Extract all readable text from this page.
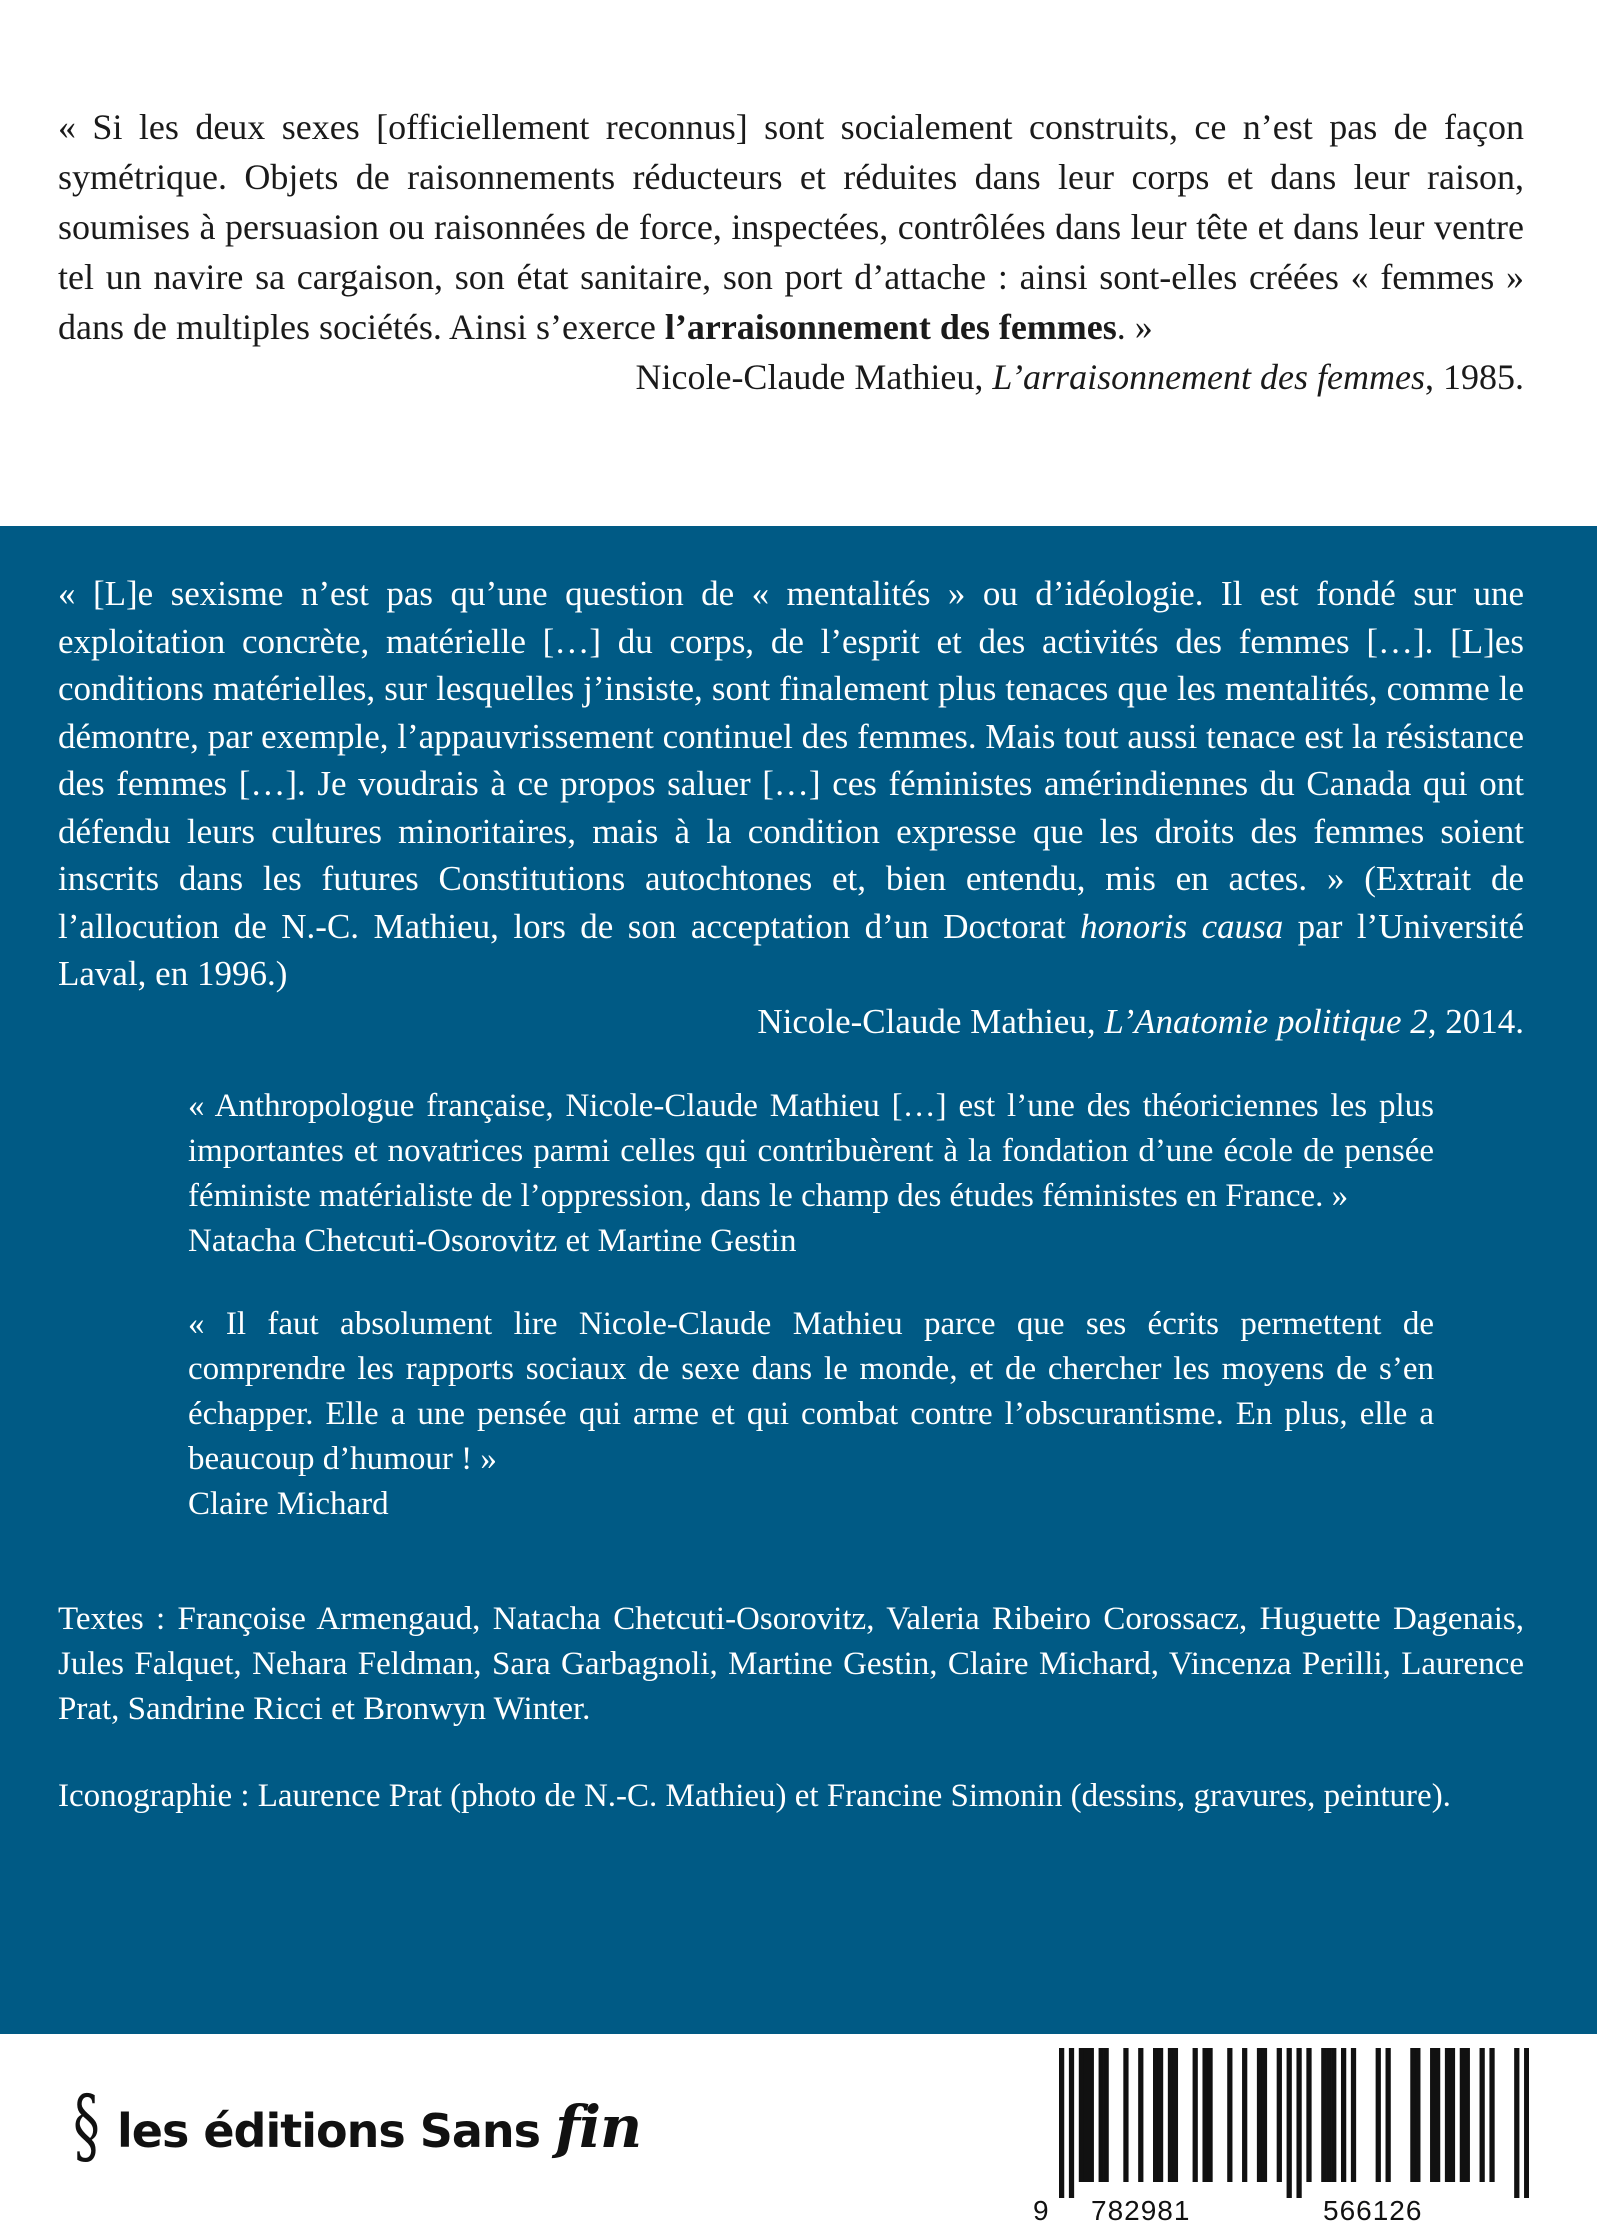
« Si les deux sexes [officiellement reconnus] sont socialement construits, ce n’est pas de façon symétrique. Objets de raisonnements réducteurs et réduites dans leur corps et dans leur raison, soumises à persuasion ou raisonnées de force, inspectées, contrôlées dans leur tête et dans leur ventre tel un navire sa cargaison, son état sanitaire, son port d’attache : ainsi sont-elles créées « femmes » dans de multiples sociétés. Ainsi s’exerce l’arraisonnement des femmes. »

Nicole-Claude Mathieu, L’arraisonnement des femmes, 1985.

« [L]e sexisme n’est pas qu’une question de « mentalités » ou d’idéologie. Il est fondé sur une exploitation concrète, matérielle […] du corps, de l’esprit et des activités des femmes […]. [L]es conditions matérielles, sur lesquelles j’insiste, sont finalement plus tenaces que les mentalités, comme le démontre, par exemple, l’appauvrissement continuel des femmes. Mais tout aussi tenace est la résistance des femmes […]. Je voudrais à ce propos saluer […] ces féministes amérindiennes du Canada qui ont défendu leurs cultures minoritaires, mais à la condition expresse que les droits des femmes soient inscrits dans les futures Constitutions autochtones et, bien entendu, mis en actes. » (Extrait de l’allocution de N.-C. Mathieu, lors de son acceptation d’un Doctorat honoris causa par l’Université Laval, en 1996.)

Nicole-Claude Mathieu, L’Anatomie politique 2, 2014.

« Anthropologue française, Nicole-Claude Mathieu […] est l’une des théoriciennes les plus importantes et novatrices parmi celles qui contribuèrent à la fondation d’une école de pensée féministe matérialiste de l’oppression, dans le champ des études féministes en France. »

Natacha Chetcuti-Osorovitz et Martine Gestin

« Il faut absolument lire Nicole-Claude Mathieu parce que ses écrits permettent de comprendre les rapports sociaux de sexe dans le monde, et de chercher les moyens de s’en échapper. Elle a une pensée qui arme et qui combat contre l’obscurantisme. En plus, elle a beaucoup d’humour ! »

Claire Michard

Textes : Françoise Armengaud, Natacha Chetcuti-Osorovitz, Valeria Ribeiro Corossacz, Huguette Dagenais, Jules Falquet, Nehara Feldman, Sara Garbagnoli, Martine Gestin, Claire Michard, Vincenza Perilli, Laurence Prat, Sandrine Ricci et Bronwyn Winter.

Iconographie : Laurence Prat (photo de N.-C. Mathieu) et Francine Simonin (dessins, gravures, peinture).

§ les éditions Sans fin
9 782981	566126
